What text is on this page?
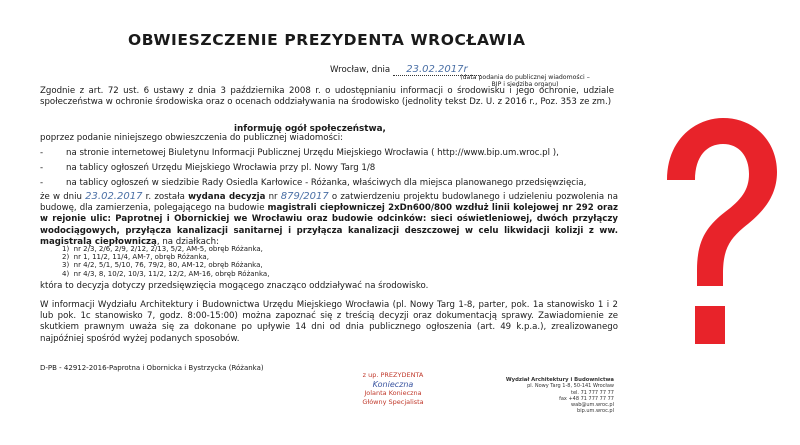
OBWIESZCZENIE PREZYDENTA WROCŁAWIA
Wrocław, dnia 23.02.2017r
(data podania do publicznej wiadomości – BIP i siedziba organu)
Zgodnie z art. 72 ust. 6 ustawy z dnia 3 października 2008 r. o udostępnianiu informacji o środowisku i jego ochronie, udziale społeczeństwa w ochronie środowiska oraz o ocenach oddziaływania na środowisko (jednolity tekst Dz. U. z 2016 r., Poz. 353 ze zm.)
informuję ogół społeczeństwa,
poprzez podanie niniejszego obwieszczenia do publicznej wiadomości:
-	na stronie internetowej Biuletynu Informacji Publicznej Urzędu Miejskiego Wrocławia ( http://www.bip.um.wroc.pl ),
-	na tablicy ogłoszeń Urzędu Miejskiego Wrocławia przy pl. Nowy Targ 1/8
-	na tablicy ogłoszeń w siedzibie Rady Osiedla Karłowice - Różanka, właściwych dla miejsca planowanego przedsięwzięcia,
że w dniu 23.02.2017 r. została wydana decyzja nr 879/2017 o zatwierdzeniu projektu budowlanego i udzieleniu pozwolenia na budowę, dla zamierzenia, polegającego na budowie magistrali ciepłowniczej 2xDn600/800 wzdłuż linii kolejowej nr 292 oraz w rejonie ulic: Paprotnej i Obornickiej we Wrocławiu oraz budowie odcinków: sieci oświetleniowej, dwóch przyłączy wodociągowych, przyłącza kanalizacji sanitarnej i przyłącza kanalizacji deszczowej w celu likwidacji kolizji z ww. magistralą ciepłowniczą, na działkach:
1)  nr 2/3, 2/6, 2/9, 2/12, 2/13, 5/2, AM-5, obręb Różanka,
2)  nr 1, 11/2, 11/4, AM-7, obręb Różanka,
3)  nr 4/2, 5/1, 5/10, 76, 79/2, 80, AM-12, obręb Różanka,
4)  nr 4/3, 8, 10/2, 10/3, 11/2, 12/2, AM-16, obręb Różanka,
która to decyzja dotyczy przedsięwzięcia mogącego znacząco oddziaływać na środowisko.
W informacji Wydziału Architektury i Budownictwa Urzędu Miejskiego Wrocławia (pl. Nowy Targ 1-8, parter, pok. 1a stanowisko 1 i 2 lub pok. 1c stanowisko 7, godz. 8:00-15:00) można zapoznać się z treścią decyzji oraz dokumentacją sprawy. Zawiadomienie ze skutkiem prawnym uważa się za dokonane po upływie 14 dni od dnia publicznego ogłoszenia (art. 49 k.p.a.), zrealizowanego najpóźniej spośród wyżej podanych sposobów.
D-PB - 42912-2016-Paprotna i Obornicka i Bystrzycka (Różanka)
z up. PREZYDENTA
Konieczna
Jolanta Konieczna
Główny Specjalista
Wydział Architektury i Budownictwa
pl. Nowy Targ 1-8, 50-141 Wrocław
tel. 71 777 77 77
fax +48 71 777 77 77
wab@um.wroc.pl
bip.um.wroc.pl
